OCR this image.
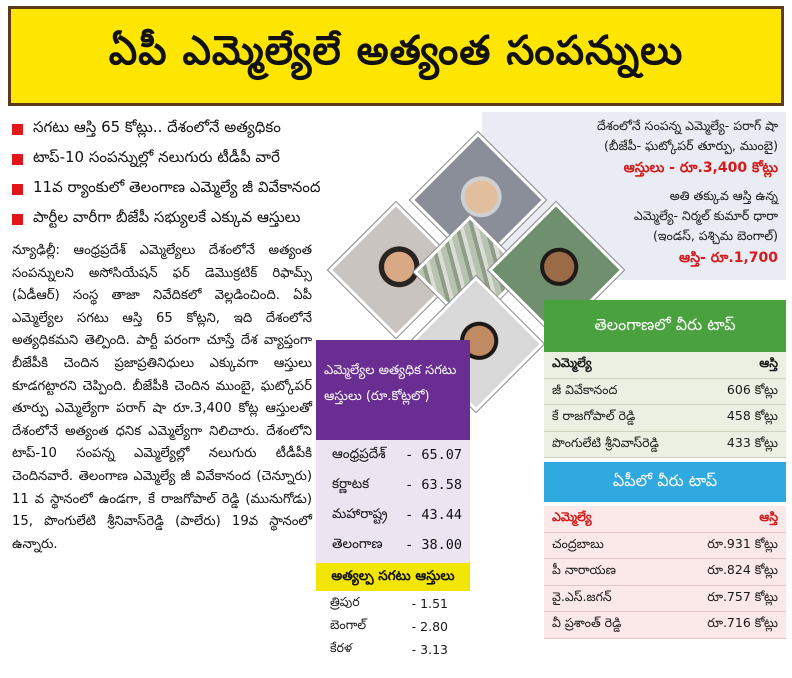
ఏపీ ఎమ్మెల్యేలే అత్యంత సంపన్నులు
సగటు ఆస్తి 65 కోట్లు.. దేశంలోనే అత్యధికం
టాప్‌-10 సంపన్నుల్లో నలుగురు టీడీపీ వారే
11వ ర్యాంకులో తెలంగాణ ఎమ్మెల్యే జీ వివేకానంద
పార్టీల వారీగా బీజేపీ సభ్యులకే ఎక్కువ ఆస్తులు
న్యూఢిల్లీ: ఆంధ్రప్రదేశ్‌ ఎమ్మెల్యేలు దేశంలోనే అత్యంత సంపన్నులని అసోసియేషన్‌ ఫర్‌ డెమొక్రటిక్‌ రిఫామ్స్‌ (ఏడీఆర్‌) సంస్థ తాజా నివేదికలో వెల్లడించింది. ఏపీ ఎమ్మెల్యేల సగటు ఆస్తి 65 కోట్లని, ఇది దేశంలోనే అత్యధికమని తెల్పింది. పార్టీ పరంగా చూస్తే దేశ వ్యాప్తంగా బీజేపీకి చెందిన ప్రజాప్రతినిధులు ఎక్కువగా ఆస్తులు కూడగట్టారని చెప్పింది. బీజేపీకి చెందిన ముంబై, ఘట్కోపర్‌ తూర్పు ఎమ్మెల్యేగా పరాగ్‌ షా రూ.3,400 కోట్ల ఆస్తులతో దేశంలోనే అత్యంత ధనిక ఎమ్మెల్యేగా నిలిచారు. దేశంలోని టాప్‌-10 సంపన్న ఎమ్మెల్యేల్లో నలుగురు టీడీపీకి చెందినవారే. తెలంగాణ ఎమ్మెల్యే జీ వివేకానంద (చెన్నూరు) 11 వ స్థానంలో ఉండగా, కే రాజగోపాల్‌ రెడ్డి (మునుగోడు) 15, పొంగులేటి శ్రీనివాస్‌రెడ్డి (పాలేరు) 19వ స్థానంలో ఉన్నారు.
దేశంలోనే సంపన్న ఎమ్మెల్యే- పరాగ్‌ షా
(బీజేపీ- ఘట్కోపర్‌ తూర్పు, ముంబై)
ఆస్తులు - రూ.3,400 కోట్లు
అతి తక్కువ ఆస్తి ఉన్న
ఎమ్మెల్యే- నిర్మల్‌ కుమార్‌ ధారా
(ఇండస్‌, పశ్చిమ బెంగాల్‌)
ఆస్తి- రూ.1,700
ఎమ్మెల్యేల అత్యధిక సగటు ఆస్తులు (రూ.కోట్లలో)
ఆంధ్రప్రదేశ్‌ - 65.07
కర్ణాటక	- 63.58
మహారాష్ట్ర - 43.44
తెలంగాణ - 38.00
అత్యల్ప సగటు ఆస్తులు
త్రిపుర	- 1.51
బెంగాల్‌	- 2.80
కేరళ	- 3.13
తెలంగాణలో వీరు టాప్‌
ఎమ్మెల్యే	ఆస్తి
జీ వివేకానంద	606 కోట్లు
కే రాజగోపాల్‌ రెడ్డి	458 కోట్లు
పొంగులేటి శ్రీనివాస్‌రెడ్డి	433 కోట్లు
ఏపీలో వీరు టాప్‌
ఎమ్మెల్యే	ఆస్తి
చంద్రబాబు	రూ.931 కోట్లు
పీ నారాయణ	రూ.824 కోట్లు
వై.ఎస్‌.జగన్‌	రూ.757 కోట్లు
వీ ప్రశాంత్‌ రెడ్డి	రూ.716 కోట్లు
